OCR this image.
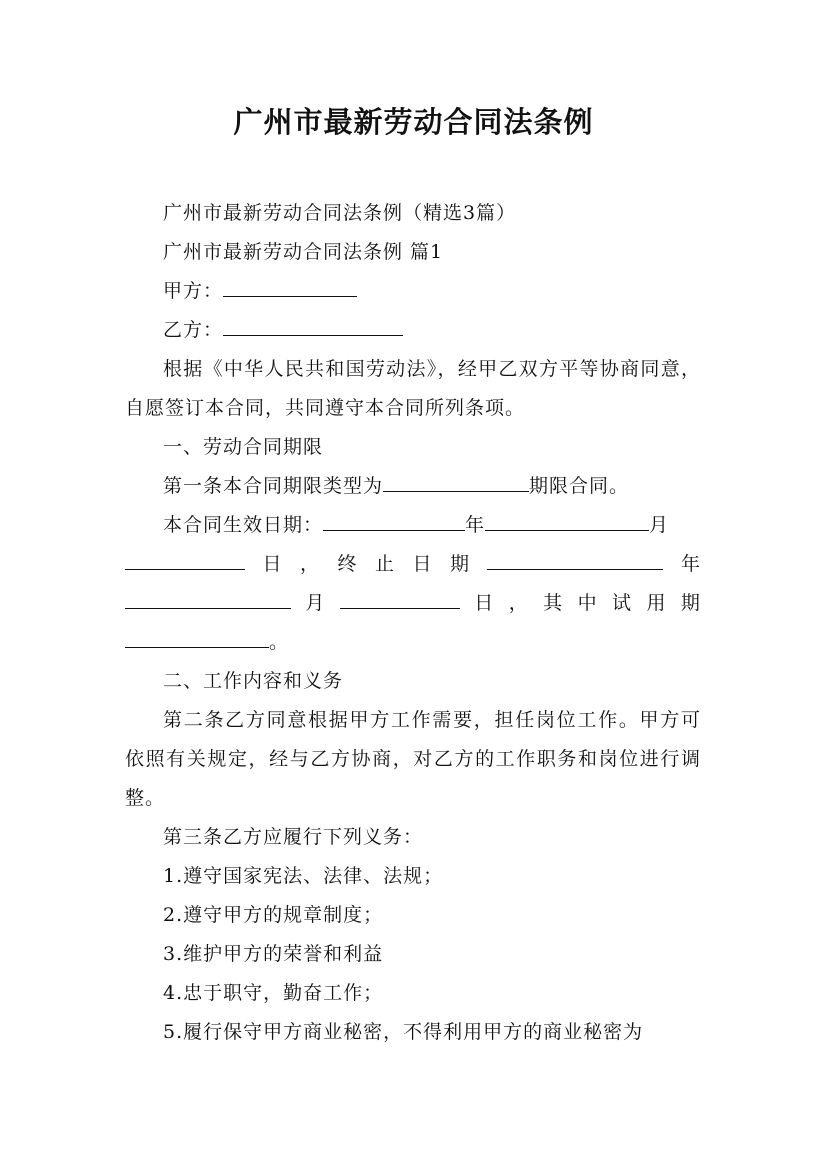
广州市最新劳动合同法条例

广州市最新劳动合同法条例（精选3篇）

广州市最新劳动合同法条例 篇1

甲方：

乙方：

根据《中华人民共和国劳动法》，经甲乙双方平等协商同意，自愿签订本合同，共同遵守本合同所列条项。

一、劳动合同期限

第一条本合同期限类型为	期限合同。

本合同生效日期：	年	月

日 ， 终 止 日 期	年
月	日 ， 其 中 试 用 期
。

二、工作内容和义务

第二条乙方同意根据甲方工作需要，担任岗位工作。甲方可依照有关规定，经与乙方协商，对乙方的工作职务和岗位进行调整。

第三条乙方应履行下列义务：

1.遵守国家宪法、法律、法规；

2.遵守甲方的规章制度；

3.维护甲方的荣誉和利益

4.忠于职守，勤奋工作；

5.履行保守甲方商业秘密，不得利用甲方的商业秘密为
